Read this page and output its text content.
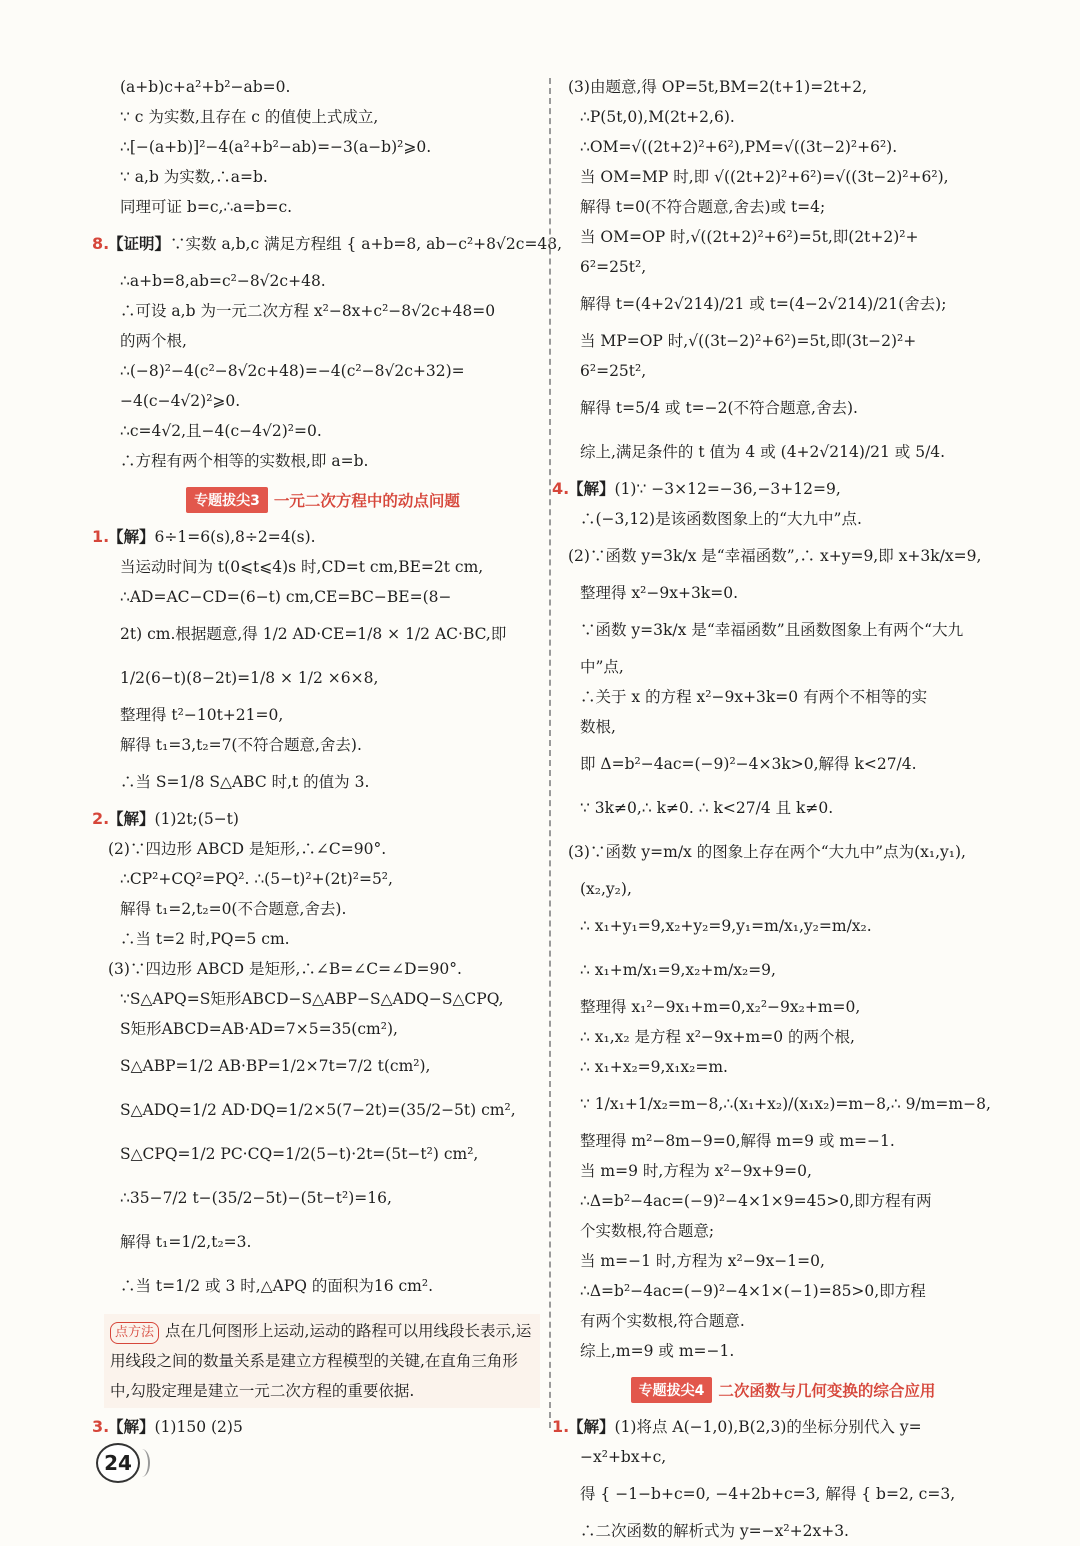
(a+b)c+a²+b²−ab=0.
∵ c 为实数,且存在 c 的值使上式成立,
∴[−(a+b)]²−4(a²+b²−ab)=−3(a−b)²⩾0.
∵ a,b 为实数,∴a=b.
同理可证 b=c,∴a=b=c.
8.【证明】∵实数 a,b,c 满足方程组 { a+b=8, ab−c²+8√2c=48,
∴a+b=8,ab=c²−8√2c+48.
∴可设 a,b 为一元二次方程 x²−8x+c²−8√2c+48=0
的两个根,
∴(−8)²−4(c²−8√2c+48)=−4(c²−8√2c+32)=
−4(c−4√2)²⩾0.
∴c=4√2,且−4(c−4√2)²=0.
∴方程有两个相等的实数根,即 a=b.
专题拔尖3 一元二次方程中的动点问题
1.【解】6÷1=6(s),8÷2=4(s).
当运动时间为 t(0⩽t⩽4)s 时,CD=t cm,BE=2t cm,
∴AD=AC−CD=(6−t) cm,CE=BC−BE=(8−
2t) cm.根据题意,得 1/2 AD·CE=1/8 × 1/2 AC·BC,即
1/2(6−t)(8−2t)=1/8 × 1/2 ×6×8,
整理得 t²−10t+21=0,
解得 t₁=3,t₂=7(不符合题意,舍去).
∴当 S=1/8 S△ABC 时,t 的值为 3.
2.【解】(1)2t;(5−t)
(2)∵四边形 ABCD 是矩形,∴∠C=90°.
∴CP²+CQ²=PQ². ∴(5−t)²+(2t)²=5²,
解得 t₁=2,t₂=0(不合题意,舍去).
∴当 t=2 时,PQ=5 cm.
(3)∵四边形 ABCD 是矩形,∴∠B=∠C=∠D=90°.
∵S△APQ=S矩形ABCD−S△ABP−S△ADQ−S△CPQ,
S矩形ABCD=AB·AD=7×5=35(cm²),
S△ABP=1/2 AB·BP=1/2×7t=7/2 t(cm²),
S△ADQ=1/2 AD·DQ=1/2×5(7−2t)=(35/2−5t) cm²,
S△CPQ=1/2 PC·CQ=1/2(5−t)·2t=(5t−t²) cm²,
∴35−7/2 t−(35/2−5t)−(5t−t²)=16,
解得 t₁=1/2,t₂=3.
∴当 t=1/2 或 3 时,△APQ 的面积为16 cm².
点方法 点在几何图形上运动,运动的路程可以用线段长表示,运用线段之间的数量关系是建立方程模型的关键,在直角三角形中,勾股定理是建立一元二次方程的重要依据.
3.【解】(1)150 (2)5
(3)由题意,得 OP=5t,BM=2(t+1)=2t+2,
∴P(5t,0),M(2t+2,6).
∴OM=√((2t+2)²+6²),PM=√((3t−2)²+6²).
当 OM=MP 时,即 √((2t+2)²+6²)=√((3t−2)²+6²),
解得 t=0(不符合题意,舍去)或 t=4;
当 OM=OP 时,√((2t+2)²+6²)=5t,即(2t+2)²+
6²=25t²,
解得 t=(4+2√214)/21 或 t=(4−2√214)/21(舍去);
当 MP=OP 时,√((3t−2)²+6²)=5t,即(3t−2)²+
6²=25t²,
解得 t=5/4 或 t=−2(不符合题意,舍去).
综上,满足条件的 t 值为 4 或 (4+2√214)/21 或 5/4.
4.【解】(1)∵ −3×12=−36,−3+12=9,
∴(−3,12)是该函数图象上的“大九中”点.
(2)∵函数 y=3k/x 是“幸福函数”,∴ x+y=9,即 x+3k/x=9,
整理得 x²−9x+3k=0.
∵函数 y=3k/x 是“幸福函数”且函数图象上有两个“大九
中”点,
∴关于 x 的方程 x²−9x+3k=0 有两个不相等的实
数根,
即 Δ=b²−4ac=(−9)²−4×3k>0,解得 k<27/4.
∵ 3k≠0,∴ k≠0. ∴ k<27/4 且 k≠0.
(3)∵函数 y=m/x 的图象上存在两个“大九中”点为(x₁,y₁),
(x₂,y₂),
∴ x₁+y₁=9,x₂+y₂=9,y₁=m/x₁,y₂=m/x₂.
∴ x₁+m/x₁=9,x₂+m/x₂=9,
整理得 x₁²−9x₁+m=0,x₂²−9x₂+m=0,
∴ x₁,x₂ 是方程 x²−9x+m=0 的两个根,
∴ x₁+x₂=9,x₁x₂=m.
∵ 1/x₁+1/x₂=m−8,∴(x₁+x₂)/(x₁x₂)=m−8,∴ 9/m=m−8,
整理得 m²−8m−9=0,解得 m=9 或 m=−1.
当 m=9 时,方程为 x²−9x+9=0,
∴Δ=b²−4ac=(−9)²−4×1×9=45>0,即方程有两
个实数根,符合题意;
当 m=−1 时,方程为 x²−9x−1=0,
∴Δ=b²−4ac=(−9)²−4×1×(−1)=85>0,即方程
有两个实数根,符合题意.
综上,m=9 或 m=−1.
专题拔尖4 二次函数与几何变换的综合应用
1.【解】(1)将点 A(−1,0),B(2,3)的坐标分别代入 y=
−x²+bx+c,
得 { −1−b+c=0, −4+2b+c=3, 解得 { b=2, c=3,
∴二次函数的解析式为 y=−x²+2x+3.
24
